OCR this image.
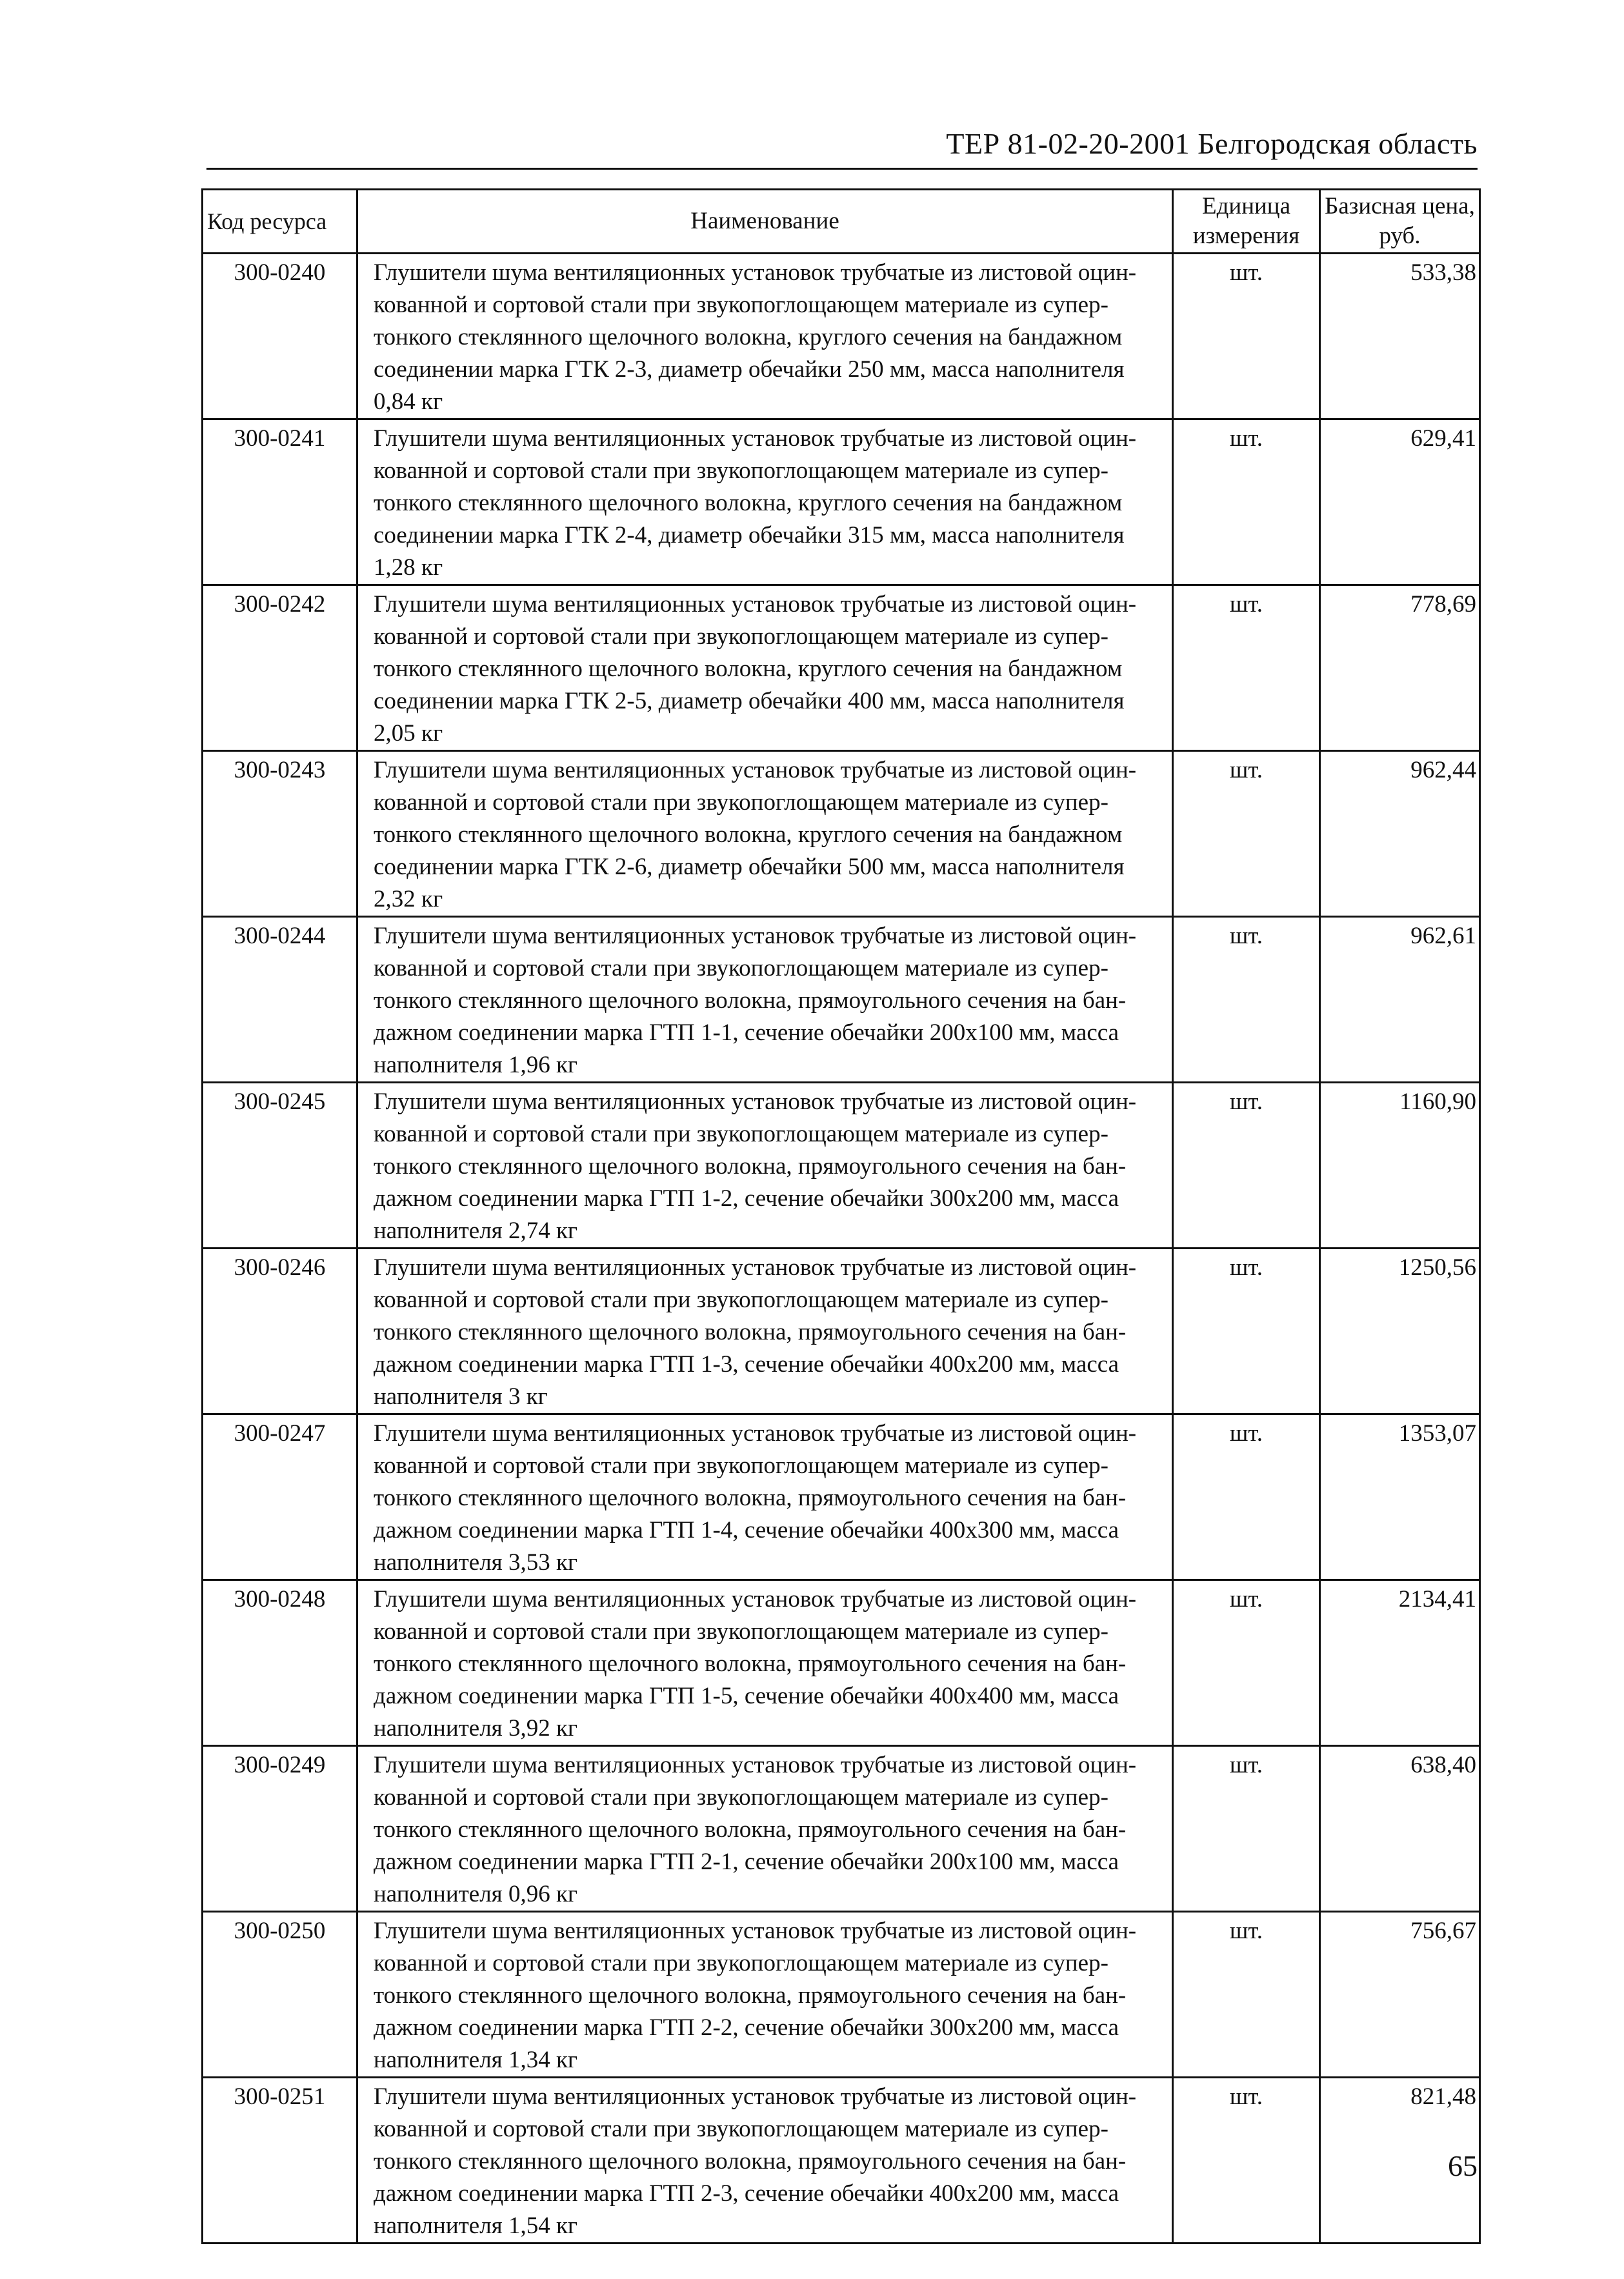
ТЕР 81-02-20-2001 Белгородская область
Код ресурса	Наименование	Единица измерения	Базисная цена, руб.
300-0240	Глушители шума вентиляционных установок трубчатые из листовой оцин-кованной и сортовой стали при звукопоглощающем материале из супер-тонкого стеклянного щелочного волокна, круглого сечения на бандажном соединении марка ГТК 2-3, диаметр обечайки 250 мм, масса наполнителя 0,84 кг	шт.	533,38
300-0241	Глушители шума вентиляционных установок трубчатые из листовой оцин-кованной и сортовой стали при звукопоглощающем материале из супер-тонкого стеклянного щелочного волокна, круглого сечения на бандажном соединении марка ГТК 2-4, диаметр обечайки 315 мм, масса наполнителя 1,28 кг	шт.	629,41
300-0242	Глушители шума вентиляционных установок трубчатые из листовой оцин-кованной и сортовой стали при звукопоглощающем материале из супер-тонкого стеклянного щелочного волокна, круглого сечения на бандажном соединении марка ГТК 2-5, диаметр обечайки 400 мм, масса наполнителя 2,05 кг	шт.	778,69
300-0243	Глушители шума вентиляционных установок трубчатые из листовой оцин-кованной и сортовой стали при звукопоглощающем материале из супер-тонкого стеклянного щелочного волокна, круглого сечения на бандажном соединении марка ГТК 2-6, диаметр обечайки 500 мм, масса наполнителя 2,32 кг	шт.	962,44
300-0244	Глушители шума вентиляционных установок трубчатые из листовой оцин-кованной и сортовой стали при звукопоглощающем материале из супер-тонкого стеклянного щелочного волокна, прямоугольного сечения на бан-дажном соединении марка ГТП 1-1, сечение обечайки 200х100 мм, масса наполнителя 1,96 кг	шт.	962,61
300-0245	Глушители шума вентиляционных установок трубчатые из листовой оцин-кованной и сортовой стали при звукопоглощающем материале из супер-тонкого стеклянного щелочного волокна, прямоугольного сечения на бан-дажном соединении марка ГТП 1-2, сечение обечайки 300х200 мм, масса наполнителя 2,74 кг	шт.	1160,90
300-0246	Глушители шума вентиляционных установок трубчатые из листовой оцин-кованной и сортовой стали при звукопоглощающем материале из супер-тонкого стеклянного щелочного волокна, прямоугольного сечения на бан-дажном соединении марка ГТП 1-3, сечение обечайки 400х200 мм, масса наполнителя 3 кг	шт.	1250,56
300-0247	Глушители шума вентиляционных установок трубчатые из листовой оцин-кованной и сортовой стали при звукопоглощающем материале из супер-тонкого стеклянного щелочного волокна, прямоугольного сечения на бан-дажном соединении марка ГТП 1-4, сечение обечайки 400х300 мм, масса наполнителя 3,53 кг	шт.	1353,07
300-0248	Глушители шума вентиляционных установок трубчатые из листовой оцин-кованной и сортовой стали при звукопоглощающем материале из супер-тонкого стеклянного щелочного волокна, прямоугольного сечения на бан-дажном соединении марка ГТП 1-5, сечение обечайки 400х400 мм, масса наполнителя 3,92 кг	шт.	2134,41
300-0249	Глушители шума вентиляционных установок трубчатые из листовой оцин-кованной и сортовой стали при звукопоглощающем материале из супер-тонкого стеклянного щелочного волокна, прямоугольного сечения на бан-дажном соединении марка ГТП 2-1, сечение обечайки 200х100 мм, масса наполнителя 0,96 кг	шт.	638,40
300-0250	Глушители шума вентиляционных установок трубчатые из листовой оцин-кованной и сортовой стали при звукопоглощающем материале из супер-тонкого стеклянного щелочного волокна, прямоугольного сечения на бан-дажном соединении марка ГТП 2-2, сечение обечайки 300х200 мм, масса наполнителя 1,34 кг	шт.	756,67
300-0251	Глушители шума вентиляционных установок трубчатые из листовой оцин-кованной и сортовой стали при звукопоглощающем материале из супер-тонкого стеклянного щелочного волокна, прямоугольного сечения на бан-дажном соединении марка ГТП 2-3, сечение обечайки 400х200 мм, масса наполнителя 1,54 кг	шт.	821,48
65
